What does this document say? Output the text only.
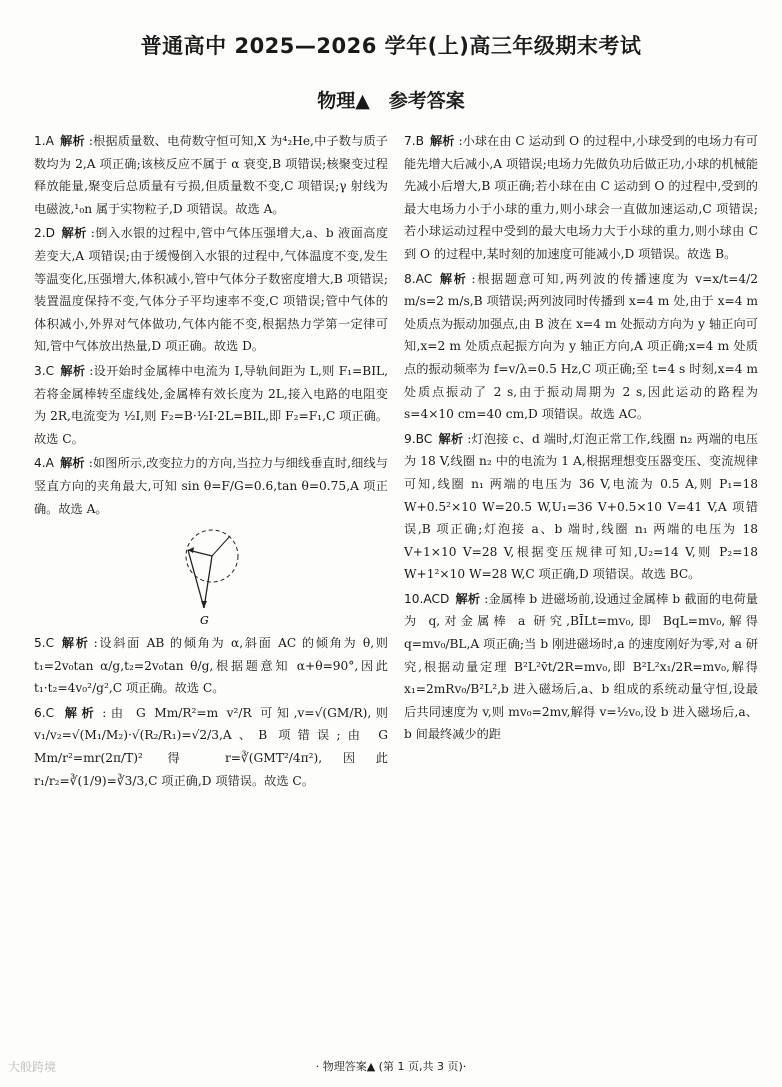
普通高中 2025—2026 学年(上)高三年级期末考试
物理▲　参考答案

1.A 解析 :根据质量数、电荷数守恒可知,X 为⁴₂He,中子数与质子数均为 2,A 项正确;该核反应不属于 α 衰变,B 项错误;核聚变过程释放能量,聚变后总质量有亏损,但质量数不变,C 项错误;γ 射线为电磁波,¹₀n 属于实物粒子,D 项错误。故选 A。

2.D 解析 :倒入水银的过程中,管中气体压强增大,a、b 液面高度差变大,A 项错误;由于缓慢倒入水银的过程中,气体温度不变,发生等温变化,压强增大,体积减小,管中气体分子数密度增大,B 项错误;装置温度保持不变,气体分子平均速率不变,C 项错误;管中气体的体积减小,外界对气体做功,气体内能不变,根据热力学第一定律可知,管中气体放出热量,D 项正确。故选 D。

3.C 解析 :设开始时金属棒中电流为 I,导轨间距为 L,则 F₁=BIL,若将金属棒转至虚线处,金属棒有效长度为 2L,接入电路的电阻变为 2R,电流变为 ½I,则 F₂=B·½I·2L=BIL,即 F₂=F₁,C 项正确。故选 C。

4.A 解析 :如图所示,改变拉力的方向,当拉力与细线垂直时,细线与竖直方向的夹角最大,可知 sin θ=F/G=0.6,tan θ=0.75,A 项正确。故选 A。

G

5.C 解析 :设斜面 AB 的倾角为 α,斜面 AC 的倾角为 θ,则 t₁=2v₀tan α/g,t₂=2v₀tan θ/g,根据题意知 α+θ=90°,因此 t₁·t₂=4v₀²/g²,C 项正确。故选 C。

6.C 解析 :由 G Mm/R²=m v²/R 可知,v=√(GM/R),则 v₁/v₂=√(M₁/M₂)·√(R₂/R₁)=√2/3,A、B 项错误;由 G Mm/r²=mr(2π/T)² 得 r=∛(GMT²/4π²),因此 r₁/r₂=∛(1/9)=∛3/3,C 项正确,D 项错误。故选 C。

7.B 解析 :小球在由 C 运动到 O 的过程中,小球受到的电场力有可能先增大后减小,A 项错误;电场力先做负功后做正功,小球的机械能先减小后增大,B 项正确;若小球在由 C 运动到 O 的过程中,受到的最大电场力小于小球的重力,则小球会一直做加速运动,C 项错误;若小球运动过程中受到的最大电场力大于小球的重力,则小球由 C 到 O 的过程中,某时刻的加速度可能减小,D 项错误。故选 B。

8.AC 解析 :根据题意可知,两列波的传播速度为 v=x/t=4/2 m/s=2 m/s,B 项错误;两列波同时传播到 x=4 m 处,由于 x=4 m 处质点为振动加强点,由 B 波在 x=4 m 处振动方向为 y 轴正向可知,x=2 m 处质点起振方向为 y 轴正方向,A 项正确;x=4 m 处质点的振动频率为 f=v/λ=0.5 Hz,C 项正确;至 t=4 s 时刻,x=4 m 处质点振动了 2 s,由于振动周期为 2 s,因此运动的路程为 s=4×10 cm=40 cm,D 项错误。故选 AC。

9.BC 解析 :灯泡接 c、d 端时,灯泡正常工作,线圈 n₂ 两端的电压为 18 V,线圈 n₂ 中的电流为 1 A,根据理想变压器变压、变流规律可知,线圈 n₁ 两端的电压为 36 V,电流为 0.5 A,则 P₁=18 W+0.5²×10 W=20.5 W,U₁=36 V+0.5×10 V=41 V,A 项错误,B 项正确;灯泡接 a、b 端时,线圈 n₁ 两端的电压为 18 V+1×10 V=28 V,根据变压规律可知,U₂=14 V,则 P₂=18 W+1²×10 W=28 W,C 项正确,D 项错误。故选 BC。

10.ACD 解析 :金属棒 b 进磁场前,设通过金属棒 b 截面的电荷量为 q,对金属棒 a 研究,BĪLt=mv₀,即 BqL=mv₀,解得 q=mv₀/BL,A 项正确;当 b 刚进磁场时,a 的速度刚好为零,对 a 研究,根据动量定理 B²L²v̄t/2R=mv₀,即 B²L²x₁/2R=mv₀,解得 x₁=2mRv₀/B²L²,b 进入磁场后,a、b 组成的系统动量守恒,设最后共同速度为 v,则 mv₀=2mv,解得 v=½v₀,设 b 进入磁场后,a、b 间最终减少的距

大般跨境	· 物理答案▲ (第 1 页,共 3 页)·
